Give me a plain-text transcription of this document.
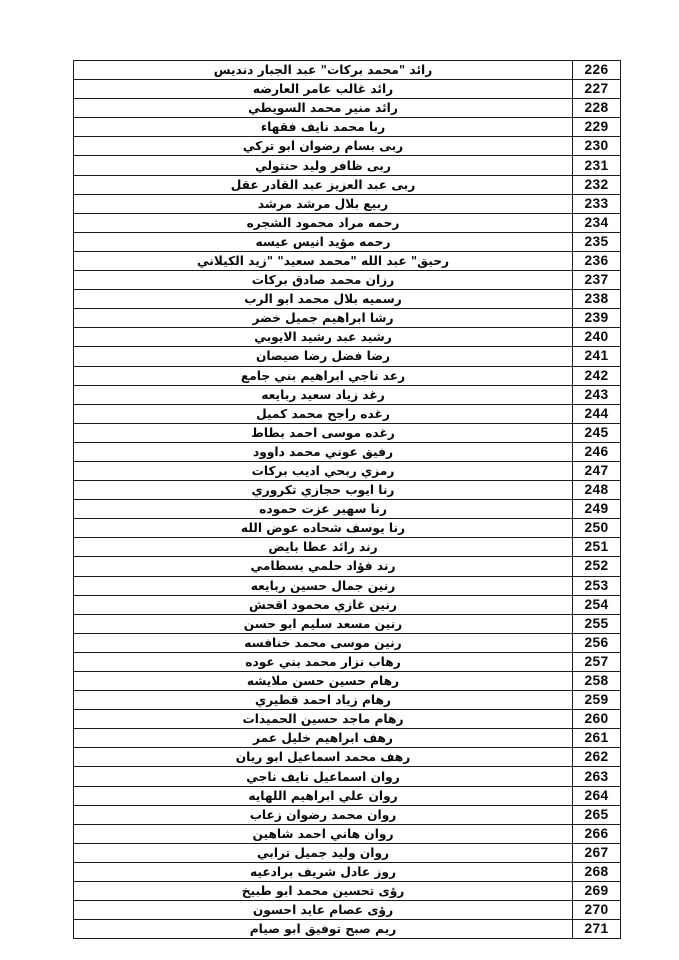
رائد "محمد بركات" عبد الجبار دنديس	226
رائد غالب عامر العارضه	227
رائد منير محمد السويطي	228
ربا محمد نايف فقهاء	229
ربى بسام رضوان ابو تركي	230
ربى ظافر وليد حنتولي	231
ربى عبد العزيز عبد القادر عقل	232
ربيع بلال مرشد مرشد	233
رحمه مراد محمود الشجره	234
رحمه مؤيد انيس عيسه	235
رحيق" عبد الله "محمد سعيد" "زيد الكيلاني	236
رزان محمد صادق بركات	237
رسميه بلال محمد ابو الرب	238
رشا ابراهيم جميل خضر	239
رشيد عبد رشيد الايوبي	240
رضا فضل رضا صيصان	241
رعد ناجي ابراهيم بني جامع	242
رغد زياد سعيد ربايعه	243
رغده راجح محمد كميل	244
رغده موسى احمد بطاط	245
رفيق عوني محمد داوود	246
رمزي ربحي اديب بركات	247
رنا ايوب حجازي تكروري	248
رنا سهير عزت حموده	249
رنا يوسف شحاده عوض الله	250
رند رائد عطا بايض	251
رند فؤاد حلمي بسطامي	252
رنين جمال حسين ربايعه	253
رنين غازي محمود اقحش	254
رنين مسعد سليم ابو حسن	255
رنين موسى محمد خنافسه	256
رهاب نزار محمد بني عوده	257
رهام حسين حسن ملايشه	258
رهام زياد احمد قطيري	259
رهام ماجد حسين الحميدات	260
رهف ابراهيم خليل عمر	261
رهف محمد اسماعيل ابو ريان	262
روان اسماعيل نايف ناجي	263
روان علي ابراهيم اللهايه	264
روان محمد رضوان زعاب	265
روان هاني احمد شاهين	266
روان وليد جميل ترابي	267
روز عادل شريف برادعيه	268
رؤى تحسين محمد ابو طبيخ	269
رؤى عصام عايد احسون	270
ريم صبح توفيق ابو صيام	271
